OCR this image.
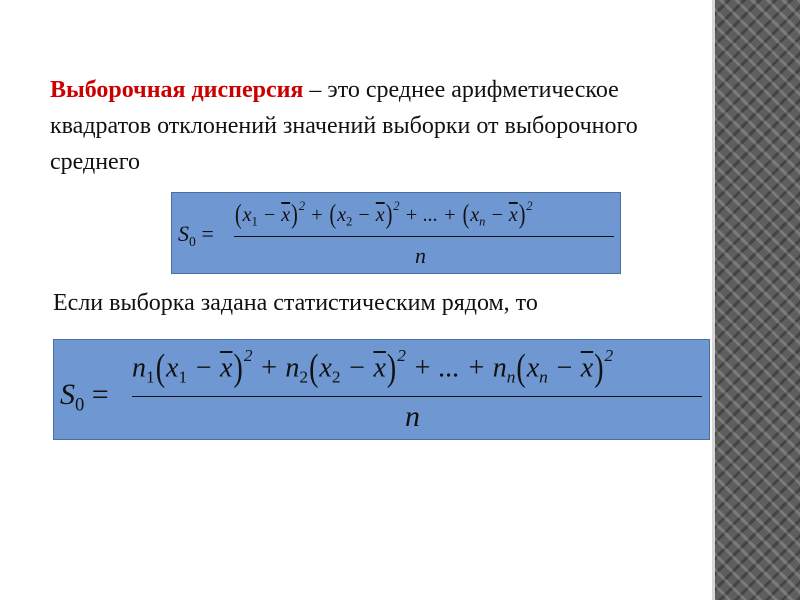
Выборочная дисперсия – это среднее арифметическое квадратов отклонений значений выборки от выборочного среднего
$S_0$ =
$(x_1 - \overline{x})^2 + (x_2 - \overline{x})^2$ + ... + $(x_n - \overline{x})^2$
n
Если выборка задана статистическим рядом, то
$S_0$ =
$n_1(x_1 - \overline{x})^2 + n_2(x_2 - \overline{x})^2$ + ... + $n_n(x_n - \overline{x})^2$
n
